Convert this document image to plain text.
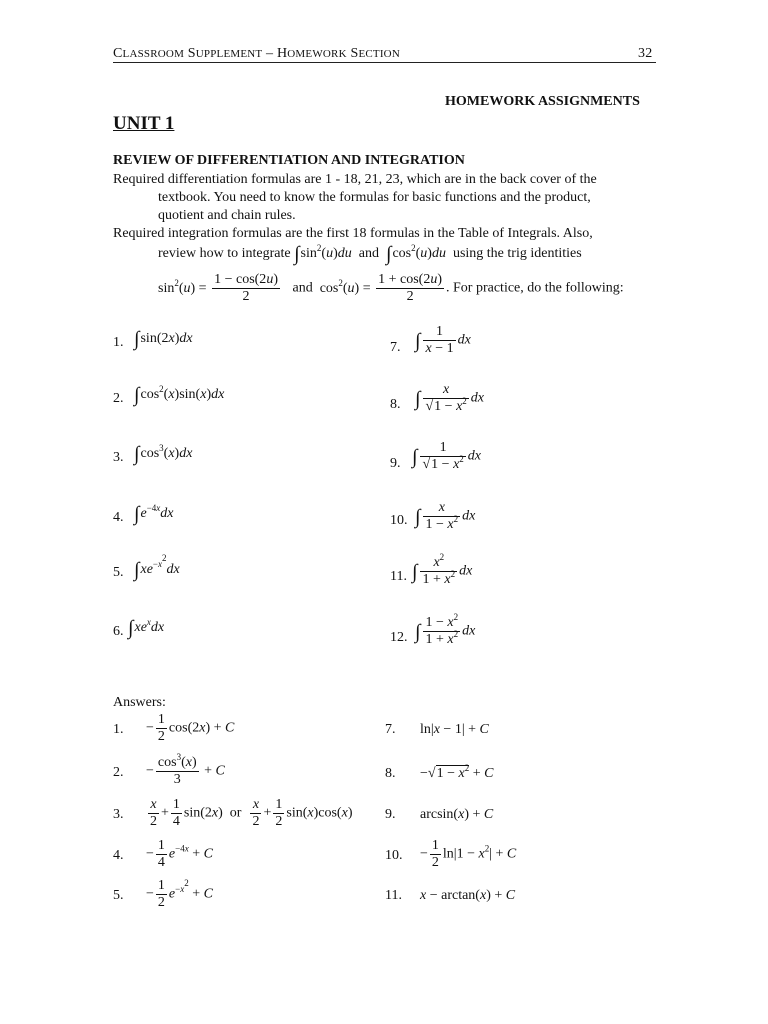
CLASSROOM SUPPLEMENT – HOMEWORK SECTION	32
HOMEWORK ASSIGNMENTS
UNIT 1
REVIEW OF DIFFERENTIATION AND INTEGRATION
Required differentiation formulas are 1 - 18, 21, 23, which are in the back cover of the
textbook. You need to know the formulas for basic functions and the product,
quotient and chain rules.
Required integration formulas are the first 18 formulas in the Table of Integrals. Also,
review how to integrate $\int\sin^2(u)du$ and $\int\cos^2(u)du$ using the trig identities
$\sin^2(u) = \frac{1 - \cos(2u)}{2}$ and $\cos^2(u) = \frac{1 + \cos(2u)}{2}$ . For practice, do the following:
1. ∫sin(2x)dx
2. $\int\cos^2(x)\sin(x)dx$
3. $\int\cos^3(x)dx$
4. $\int e^{-4x}dx$
5. $\int xe^{-x^2}dx$
6. $\int xe^xdx$
7. ∫ $\frac{1}{x - 1}$ dx
8. ∫ $\frac{x}{√1 - x^2}$ dx
9. ∫ $\frac{1}{√1 - x^2}$ dx
10. ∫ $\frac{x}{1 - x^2}$ dx
11. ∫ $\frac{x^2}{1 + x^2}$ dx
12. ∫ $\frac{1 - x^2}{1 + x^2}$ dx
Answers:
1. − $\frac{1}{2} \cos(2x) + C$
2. − $\frac{\cos^3(x)}{3} + C$
3. $\frac{x}{2} + \frac{1}{4} \sin(2x)$  or $\frac{x}{2} + \frac{1}{2} \sin(x)\cos(x)$
4. − $\frac{1}{4} e^{-4x} + C$
5. − $\frac{1}{2} e^{-x^2} + C$
7. ln|x − 1| + C
8. $-√1 - x^2 + C$
9. arcsin(x) + C
10. − $\frac{1}{2} \ln|1 - x^2| + C$
11. x − arctan(x) + C
